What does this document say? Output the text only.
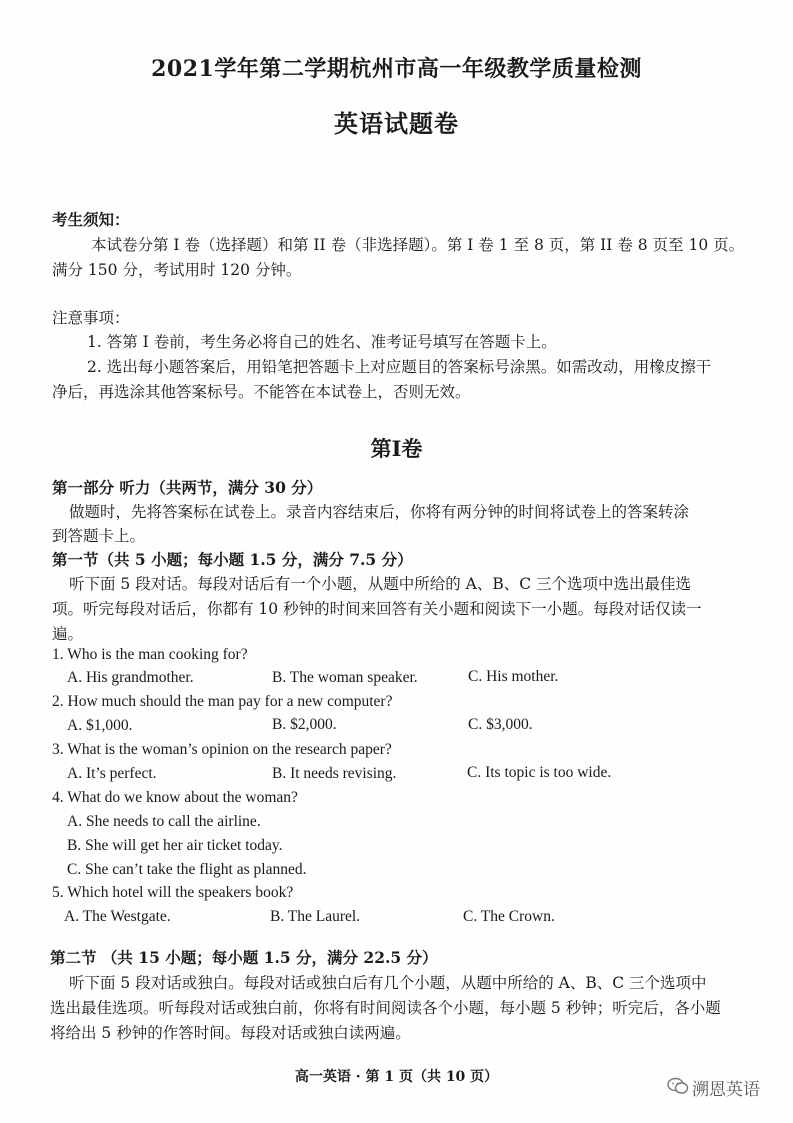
2021学年第二学期杭州市高一年级教学质量检测
英语试题卷
考生须知：
本试卷分第 I 卷（选择题）和第 II 卷（非选择题）。第 I 卷 1 至 8 页，第 II 卷 8 页至 10 页。
满分 150 分，考试用时 120 分钟。
注意事项：
1. 答第 I 卷前，考生务必将自己的姓名、准考证号填写在答题卡上。
2. 选出每小题答案后，用铅笔把答题卡上对应题目的答案标号涂黑。如需改动，用橡皮擦干
净后，再选涂其他答案标号。不能答在本试卷上，否则无效。
第I卷
第一部分 听力（共两节，满分 30 分）
做题时，先将答案标在试卷上。录音内容结束后，你将有两分钟的时间将试卷上的答案转涂
到答题卡上。
第一节（共 5 小题；每小题 1.5 分，满分 7.5 分）
听下面 5 段对话。每段对话后有一个小题，从题中所给的 A、B、C 三个选项中选出最佳选
项。听完每段对话后，你都有 10 秒钟的时间来回答有关小题和阅读下一小题。每段对话仅读一
遍。
1. Who is the man cooking for?
A. His grandmother.	B. The woman speaker.	C. His mother.
2. How much should the man pay for a new computer?
A. $1,000.	B. $2,000.	C. $3,000.
3. What is the woman’s opinion on the research paper?
A. It’s perfect.	B. It needs revising.	C. Its topic is too wide.
4. What do we know about the woman?
A. She needs to call the airline.
B. She will get her air ticket today.
C. She can’t take the flight as planned.
5. Which hotel will the speakers book?
A. The Westgate.	B. The Laurel.	C. The Crown.
第二节 （共 15 小题；每小题 1.5 分，满分 22.5 分）
听下面 5 段对话或独白。每段对话或独白后有几个小题，从题中所给的 A、B、C 三个选项中
选出最佳选项。听每段对话或独白前，你将有时间阅读各个小题，每小题 5 秒钟；听完后，各小题
将给出 5 秒钟的作答时间。每段对话或独白读两遍。
高一英语 · 第 1 页（共 10 页）
溯恩英语
